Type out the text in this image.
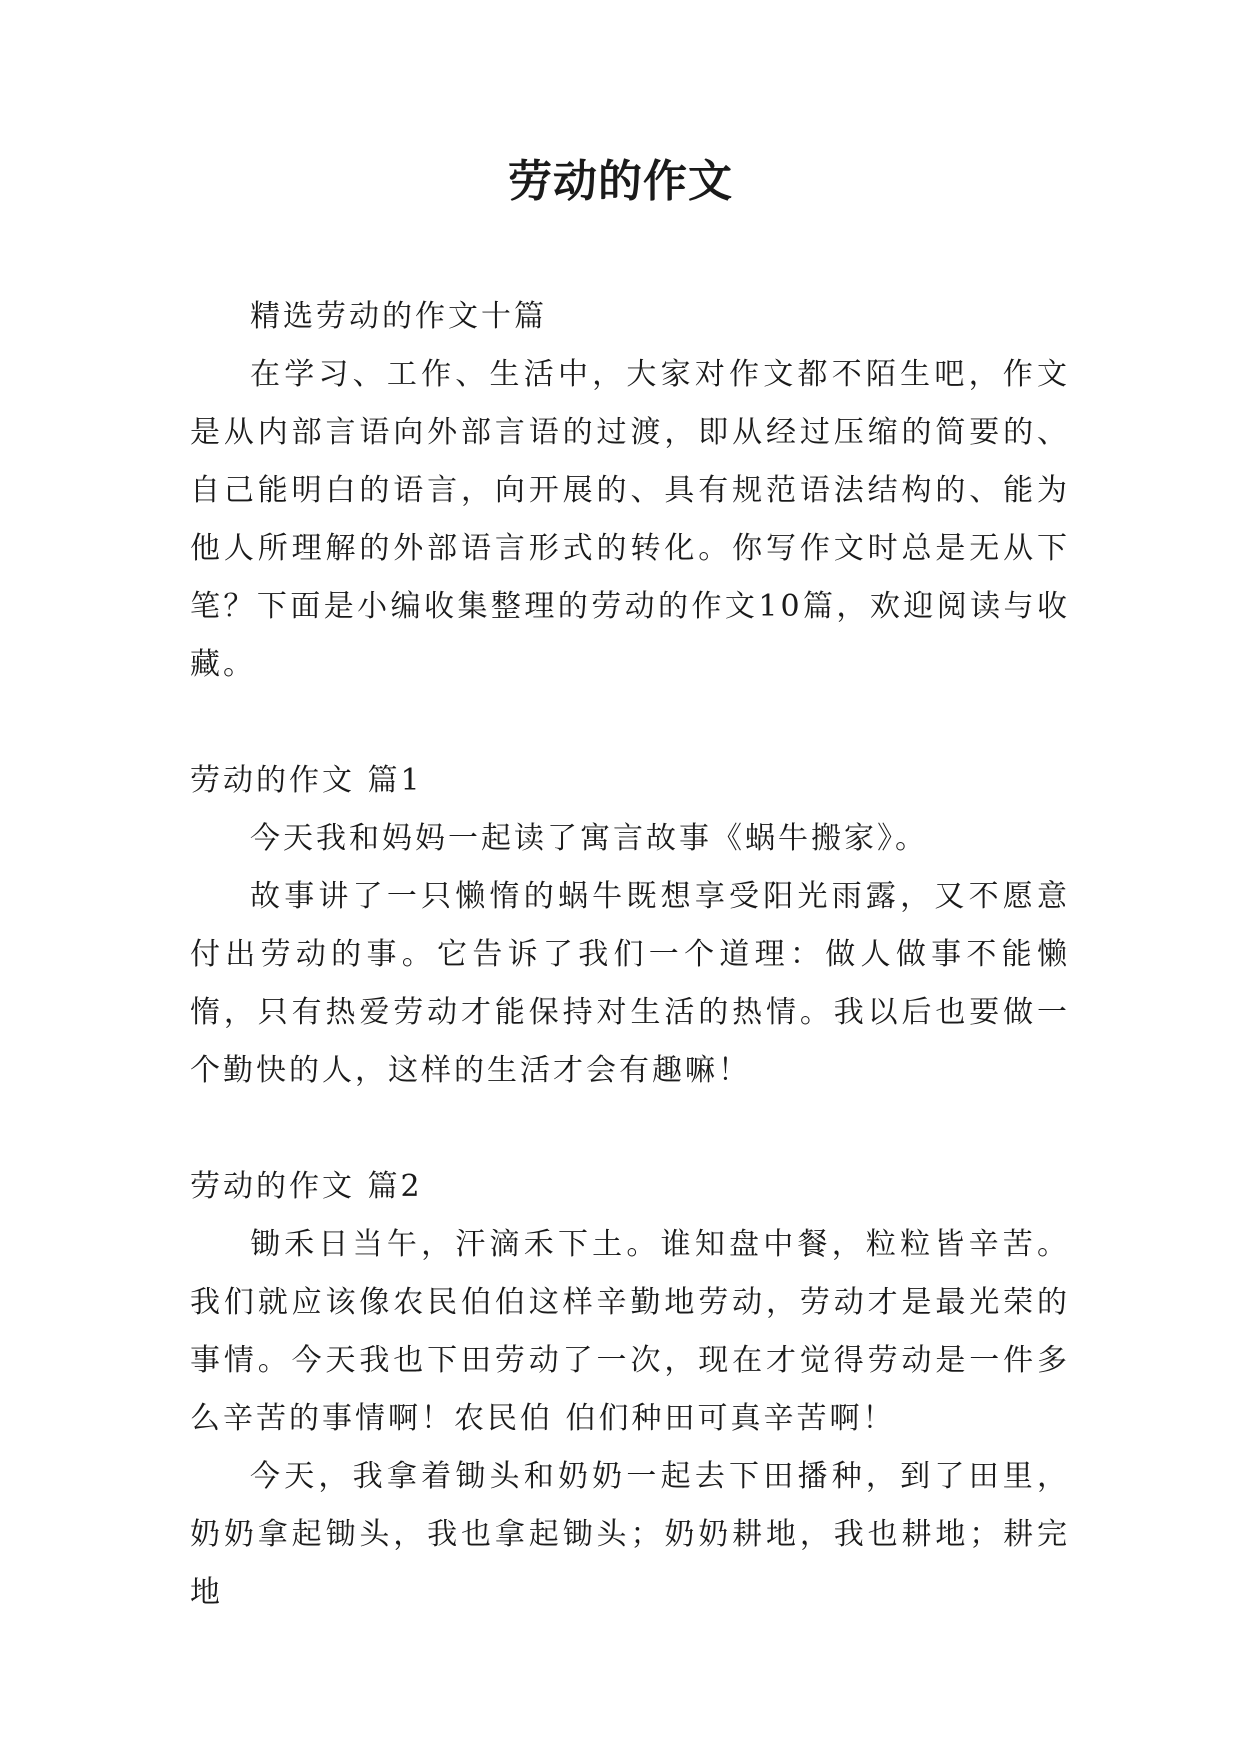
劳动的作文

精选劳动的作文十篇

在学习、工作、生活中，大家对作文都不陌生吧，作文是从内部言语向外部言语的过渡，即从经过压缩的简要的、自己能明白的语言，向开展的、具有规范语法结构的、能为他人所理解的外部语言形式的转化。你写作文时总是无从下笔？下面是小编收集整理的劳动的作文10篇，欢迎阅读与收藏。

劳动的作文 篇1

今天我和妈妈一起读了寓言故事《蜗牛搬家》。

故事讲了一只懒惰的蜗牛既想享受阳光雨露，又不愿意付出劳动的事。它告诉了我们一个道理：做人做事不能懒惰，只有热爱劳动才能保持对生活的热情。我以后也要做一个勤快的人，这样的生活才会有趣嘛！

劳动的作文 篇2

锄禾日当午，汗滴禾下土。谁知盘中餐，粒粒皆辛苦。我们就应该像农民伯伯这样辛勤地劳动，劳动才是最光荣的事情。今天我也下田劳动了一次，现在才觉得劳动是一件多么辛苦的事情啊！农民伯 伯们种田可真辛苦啊！

今天，我拿着锄头和奶奶一起去下田播种，到了田里，奶奶拿起锄头，我也拿起锄头；奶奶耕地，我也耕地；耕完地
